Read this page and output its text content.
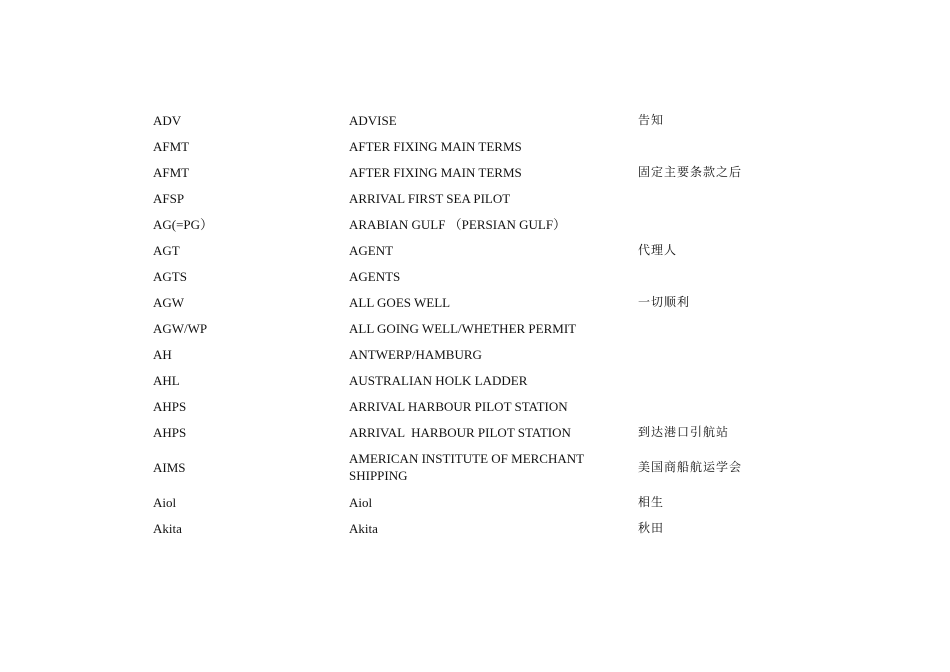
ADV	ADVISE	告知
AFMT	AFTER FIXING MAIN TERMS	
AFMT	AFTER FIXING MAIN TERMS	固定主要条款之后
AFSP	ARRIVAL FIRST SEA PILOT	
AG(=PG）	ARABIAN GULF （PERSIAN GULF）	
AGT	AGENT	代理人
AGTS	AGENTS	
AGW	ALL GOES WELL	一切顺利
AGW/WP	ALL GOING WELL/WHETHER PERMIT	
AH	ANTWERP/HAMBURG	
AHL	AUSTRALIAN HOLK LADDER	
AHPS	ARRIVAL HARBOUR PILOT STATION	
AHPS	ARRIVAL  HARBOUR PILOT STATION	到达港口引航站
AIMS	AMERICAN INSTITUTE OF MERCHANT SHIPPING	美国商船航运学会
Aiol	Aiol	相生
Akita	Akita	秋田
